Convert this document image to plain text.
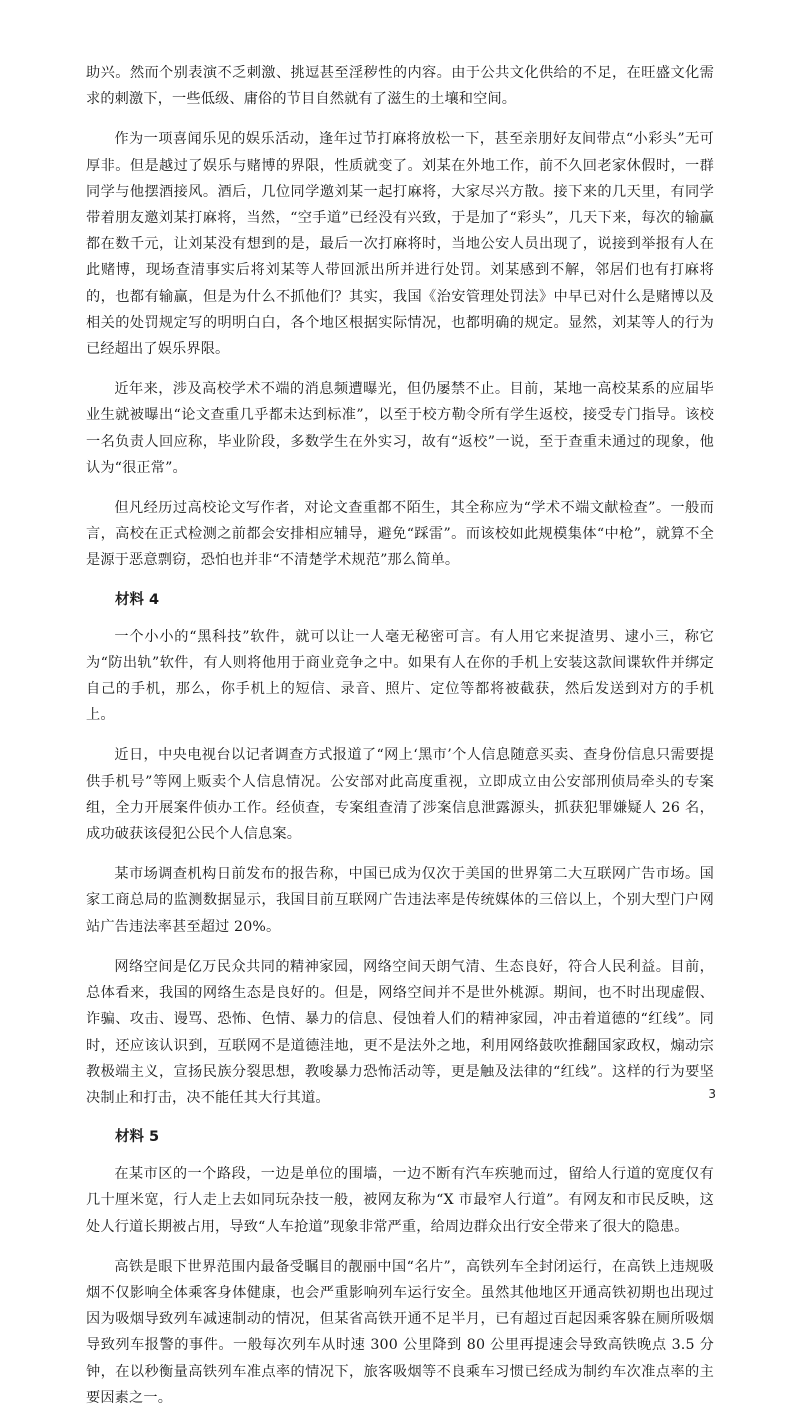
助兴。然而个别表演不乏刺激、挑逗甚至淫秽性的内容。由于公共文化供给的不足，在旺盛文化需求的刺激下，一些低级、庸俗的节目自然就有了滋生的土壤和空间。

作为一项喜闻乐见的娱乐活动，逢年过节打麻将放松一下，甚至亲朋好友间带点“小彩头”无可厚非。但是越过了娱乐与赌博的界限，性质就变了。刘某在外地工作，前不久回老家休假时，一群同学与他摆酒接风。酒后，几位同学邀刘某一起打麻将，大家尽兴方散。接下来的几天里，有同学带着朋友邀刘某打麻将，当然，“空手道”已经没有兴致，于是加了“彩头”，几天下来，每次的输赢都在数千元，让刘某没有想到的是，最后一次打麻将时，当地公安人员出现了，说接到举报有人在此赌博，现场查清事实后将刘某等人带回派出所并进行处罚。刘某感到不解，邻居们也有打麻将的，也都有输赢，但是为什么不抓他们？其实，我国《治安管理处罚法》中早已对什么是赌博以及相关的处罚规定写的明明白白，各个地区根据实际情况，也都明确的规定。显然，刘某等人的行为已经超出了娱乐界限。

近年来，涉及高校学术不端的消息频遭曝光，但仍屡禁不止。目前，某地一高校某系的应届毕业生就被曝出“论文查重几乎都未达到标准”，以至于校方勒令所有学生返校，接受专门指导。该校一名负责人回应称，毕业阶段，多数学生在外实习，故有“返校”一说，至于查重未通过的现象，他认为“很正常”。

但凡经历过高校论文写作者，对论文查重都不陌生，其全称应为“学术不端文献检查”。一般而言，高校在正式检测之前都会安排相应辅导，避免“踩雷”。而该校如此规模集体“中枪”，就算不全是源于恶意剽窃，恐怕也并非“不清楚学术规范”那么简单。

材料 4

一个小小的“黑科技”软件，就可以让一人毫无秘密可言。有人用它来捉渣男、逮小三，称它为“防出轨”软件，有人则将他用于商业竞争之中。如果有人在你的手机上安装这款间谍软件并绑定自己的手机，那么，你手机上的短信、录音、照片、定位等都将被截获，然后发送到对方的手机上。

近日，中央电视台以记者调查方式报道了“网上‘黑市’个人信息随意买卖、查身份信息只需要提供手机号”等网上贩卖个人信息情况。公安部对此高度重视，立即成立由公安部刑侦局牵头的专案组，全力开展案件侦办工作。经侦查，专案组查清了涉案信息泄露源头，抓获犯罪嫌疑人 26 名，成功破获该侵犯公民个人信息案。

某市场调查机构日前发布的报告称，中国已成为仅次于美国的世界第二大互联网广告市场。国家工商总局的监测数据显示，我国目前互联网广告违法率是传统媒体的三倍以上，个别大型门户网站广告违法率甚至超过 20%。

网络空间是亿万民众共同的精神家园，网络空间天朗气清、生态良好，符合人民利益。目前，总体看来，我国的网络生态是良好的。但是，网络空间并不是世外桃源。期间，也不时出现虚假、诈骗、攻击、谩骂、恐怖、色情、暴力的信息、侵蚀着人们的精神家园，冲击着道德的“红线”。同时，还应该认识到，互联网不是道德洼地，更不是法外之地，利用网络鼓吹推翻国家政权，煽动宗教极端主义，宣扬民族分裂思想，教唆暴力恐怖活动等，更是触及法律的“红线”。这样的行为要坚决制止和打击，决不能任其大行其道。

材料 5

在某市区的一个路段，一边是单位的围墙，一边不断有汽车疾驰而过，留给人行道的宽度仅有几十厘米宽，行人走上去如同玩杂技一般，被网友称为“X 市最窄人行道”。有网友和市民反映，这处人行道长期被占用，导致“人车抢道”现象非常严重，给周边群众出行安全带来了很大的隐患。

高铁是眼下世界范围内最备受瞩目的靓丽中国“名片”，高铁列车全封闭运行，在高铁上违规吸烟不仅影响全体乘客身体健康，也会严重影响列车运行安全。虽然其他地区开通高铁初期也出现过因为吸烟导致列车减速制动的情况，但某省高铁开通不足半月，已有超过百起因乘客躲在厕所吸烟导致列车报警的事件。一般每次列车从时速 300 公里降到 80 公里再提速会导致高铁晚点 3.5 分钟，在以秒衡量高铁列车准点率的情况下，旅客吸烟等不良乘车习惯已经成为制约车次准点率的主要因素之一。

3
